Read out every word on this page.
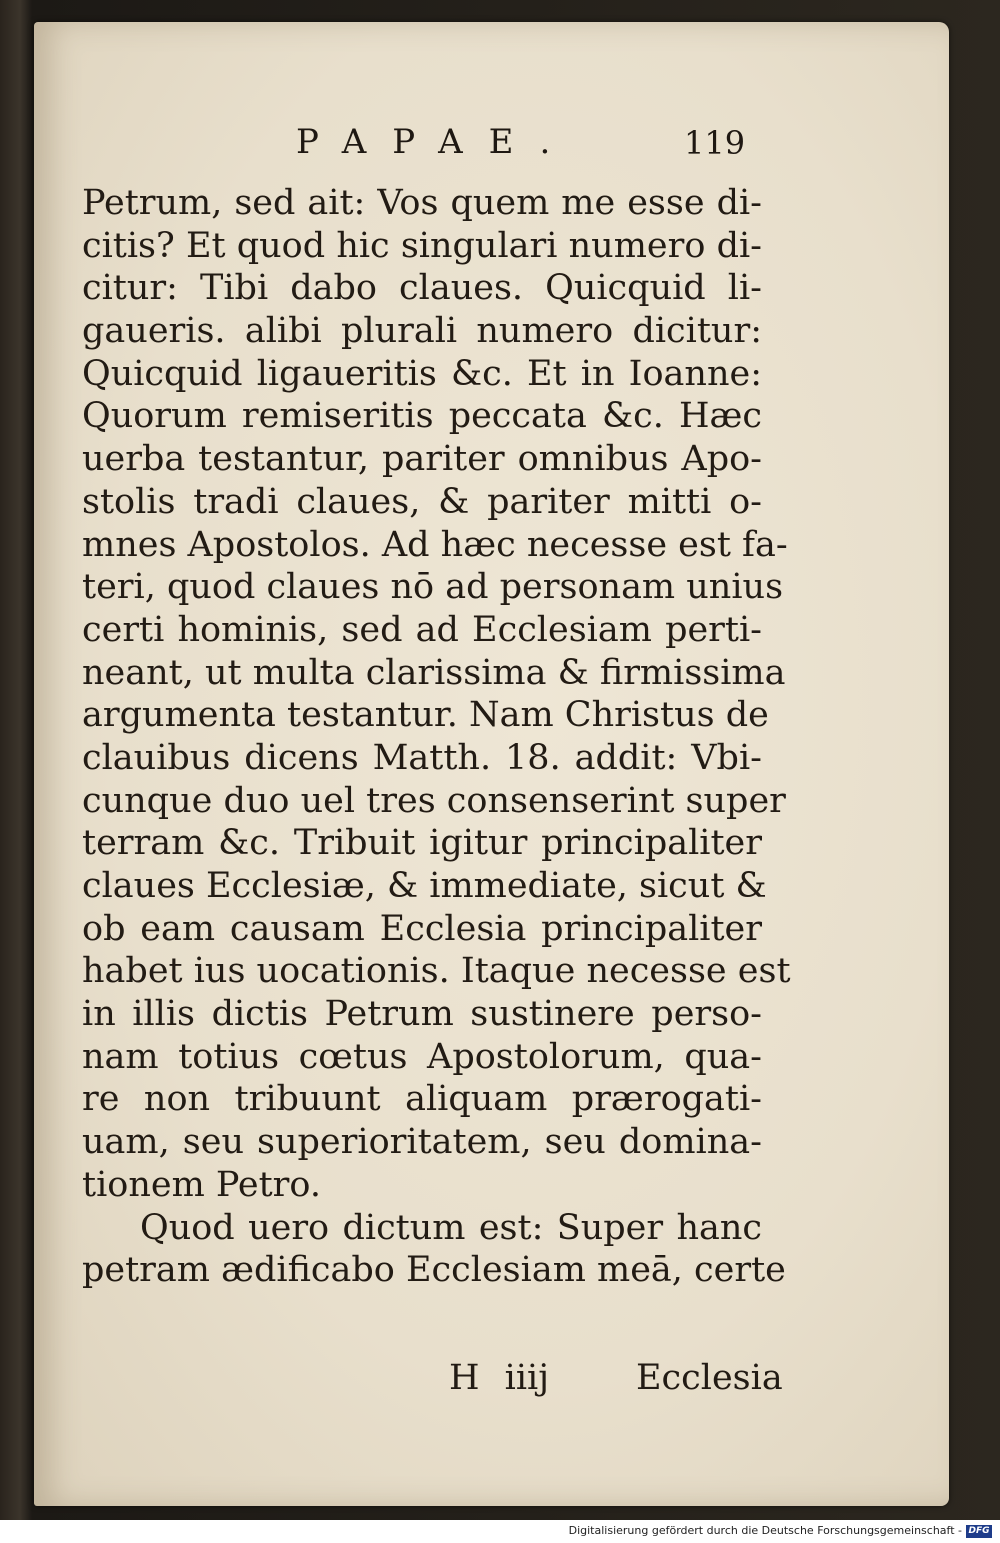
PAPAE.	119
Petrum, sed ait: Vos quem me esse di-
citis? Et quod hic singulari numero di-
citur: Tibi dabo claues. Quicquid li-
gaueris. alibi plurali numero dicitur:
Quicquid ligaueritis &c. Et in Ioanne:
Quorum remiseritis peccata &c. Hæc
uerba testantur, pariter omnibus Apo-
stolis tradi claues, & pariter mitti o-
mnes Apostolos. Ad hæc necesse est fa-
teri, quod claues nō ad personam unius
certi hominis, sed ad Ecclesiam perti-
neant, ut multa clarissima & firmissima
argumenta testantur. Nam Christus de
clauibus dicens Matth. 18. addit: Vbi-
cunque duo uel tres consenserint super
terram &c. Tribuit igitur principaliter
claues Ecclesiæ, & immediate, sicut &
ob eam causam Ecclesia principaliter
habet ius uocationis. Itaque necesse est
in illis dictis Petrum sustinere perso-
nam totius cœtus Apostolorum, qua-
re non tribuunt aliquam prærogati-
uam, seu superioritatem, seu domina-
tionem Petro.
Quod uero dictum est: Super hanc
petram ædificabo Ecclesiam meā, certe
H iiij Ecclesia
Digitalisierung gefördert durch die Deutsche Forschungsgemeinschaft - DFG
